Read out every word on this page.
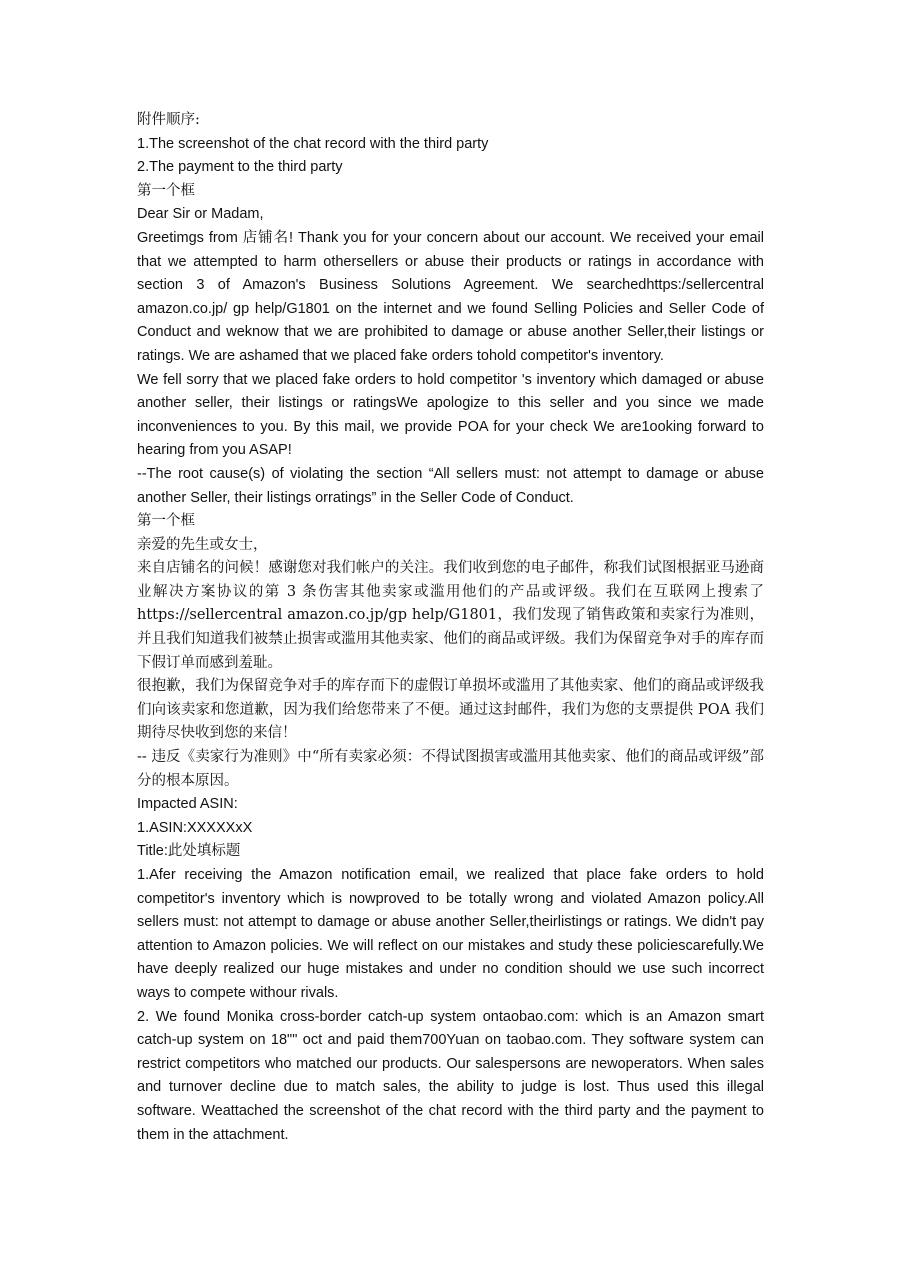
附件顺序:
1.The screenshot of the chat record with the third party
2.The payment to the third party
第一个框
Dear Sir or Madam,

Greetimgs from 店铺名! Thank you for your concern about our account. We received your email that we attempted to harm othersellers or abuse their products or ratings in accordance with section 3 of Amazon's Business Solutions Agreement. We searchedhttps:/sellercentral amazon.co.jp/ gp help/G1801 on the internet and we found Selling Policies and Seller Code of Conduct and weknow that we are prohibited to damage or abuse another Seller,their listings or ratings. We are ashamed that we placed fake orders tohold competitor's inventory.

We fell sorry that we placed fake orders to hold competitor 's inventory which damaged or abuse another seller, their listings or ratingsWe apologize to this seller and you since we made inconveniences to you. By this mail, we provide POA for your check We are1ooking forward to hearing from you ASAP!

--The root cause(s) of violating the section “All sellers must: not attempt to damage or abuse another Seller, their listings orratings” in the Seller Code of Conduct.

第一个框
亲爱的先生或女士，

来自店铺名的问候！感谢您对我们帐户的关注。我们收到您的电子邮件，称我们试图根据亚马逊商业解决方案协议的第 3 条伤害其他卖家或滥用他们的产品或评级。我们在互联网上搜索了 https://sellercentral amazon.co.jp/gp help/G1801，我们发现了销售政策和卖家行为准则，并且我们知道我们被禁止损害或滥用其他卖家、他们的商品或评级。我们为保留竞争对手的库存而下假订单而感到羞耻。

很抱歉，我们为保留竞争对手的库存而下的虚假订单损坏或滥用了其他卖家、他们的商品或评级我们向该卖家和您道歉，因为我们给您带来了不便。通过这封邮件，我们为您的支票提供 POA 我们期待尽快收到您的来信！

-- 违反《卖家行为准则》中“所有卖家必须：不得试图损害或滥用其他卖家、他们的商品或评级”部分的根本原因。

Impacted ASIN:
1.ASIN:XXXXXxX
Title:此处填标题

1.Afer receiving the Amazon notification email, we realized that place fake orders to hold competitor's inventory which is nowproved to be totally wrong and violated Amazon policy.All sellers must: not attempt to damage or abuse another Seller,theirlistings or ratings. We didn't pay attention to Amazon policies. We will reflect on our mistakes and study these policiescarefully.We have deeply realized our huge mistakes and under no condition should we use such incorrect ways to compete withour rivals.

2. We found Monika cross-border catch-up system ontaobao.com: which is an Amazon smart catch-up system on 18"" oct and paid them700Yuan on taobao.com. They software system can restrict competitors who matched our products. Our salespersons are newoperators. When sales and turnover decline due to match sales, the ability to judge is lost. Thus used this illegal software. Weattached the screenshot of the chat record with the third party and the payment to them in the attachment.
